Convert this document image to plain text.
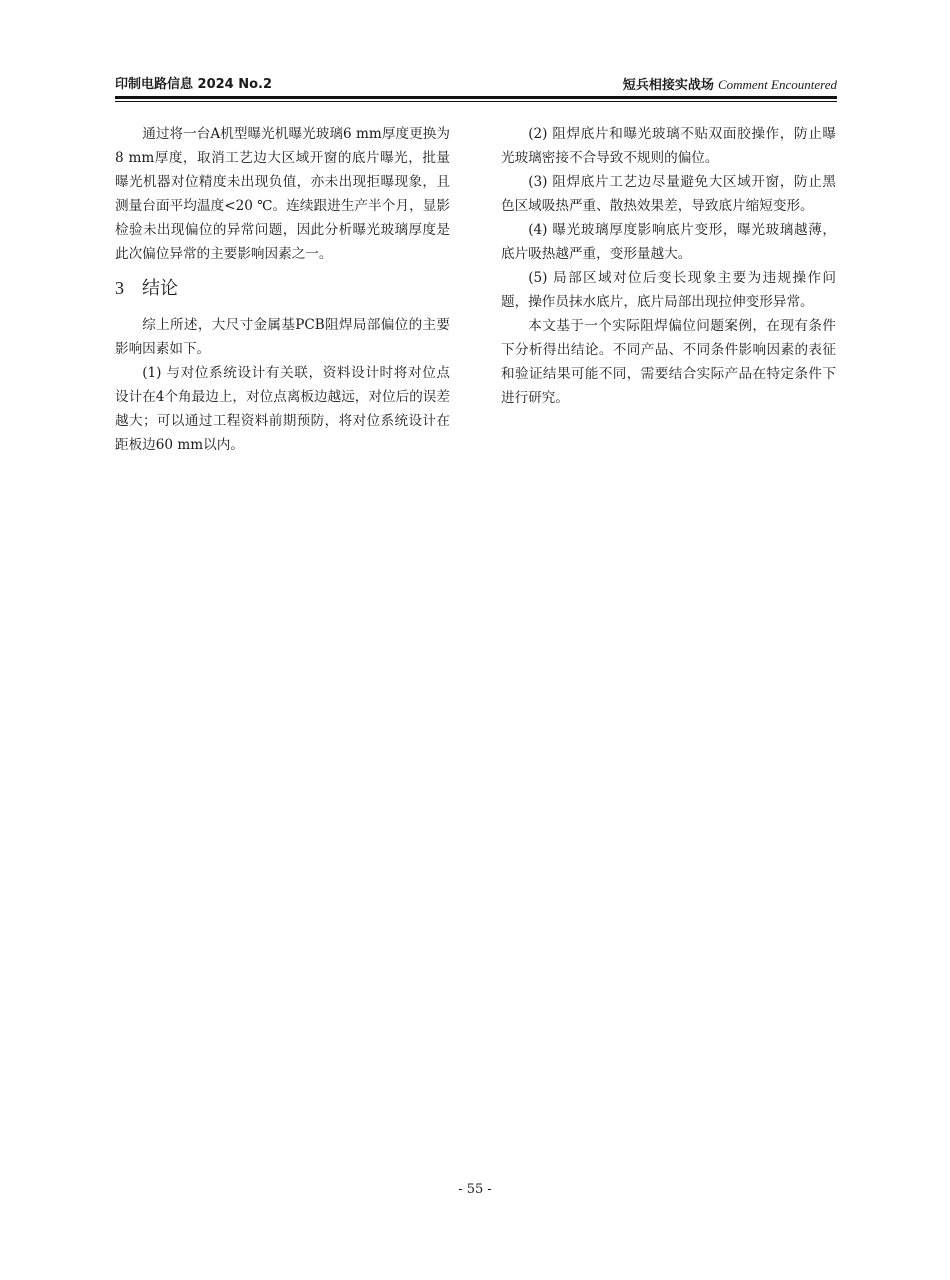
印制电路信息 2024 No.2	短兵相接实战场 Comment Encountered

通过将一台A机型曝光机曝光玻璃6 mm厚度更换为8 mm厚度，取消工艺边大区域开窗的底片曝光，批量曝光机器对位精度未出现负值，亦未出现拒曝现象，且测量台面平均温度<20 ℃。连续跟进生产半个月，显影检验未出现偏位的异常问题，因此分析曝光玻璃厚度是此次偏位异常的主要影响因素之一。

3 结论

综上所述，大尺寸金属基PCB阻焊局部偏位的主要影响因素如下。

(1) 与对位系统设计有关联，资料设计时将对位点设计在4个角最边上，对位点离板边越远，对位后的误差越大；可以通过工程资料前期预防，将对位系统设计在距板边60 mm以内。

(2) 阻焊底片和曝光玻璃不贴双面胶操作，防止曝光玻璃密接不合导致不规则的偏位。

(3) 阻焊底片工艺边尽量避免大区域开窗，防止黑色区域吸热严重、散热效果差，导致底片缩短变形。

(4) 曝光玻璃厚度影响底片变形，曝光玻璃越薄，底片吸热越严重，变形量越大。

(5) 局部区域对位后变长现象主要为违规操作问题，操作员抹水底片，底片局部出现拉伸变形异常。

本文基于一个实际阻焊偏位问题案例，在现有条件下分析得出结论。不同产品、不同条件影响因素的表征和验证结果可能不同，需要结合实际产品在特定条件下进行研究。

- 55 -
